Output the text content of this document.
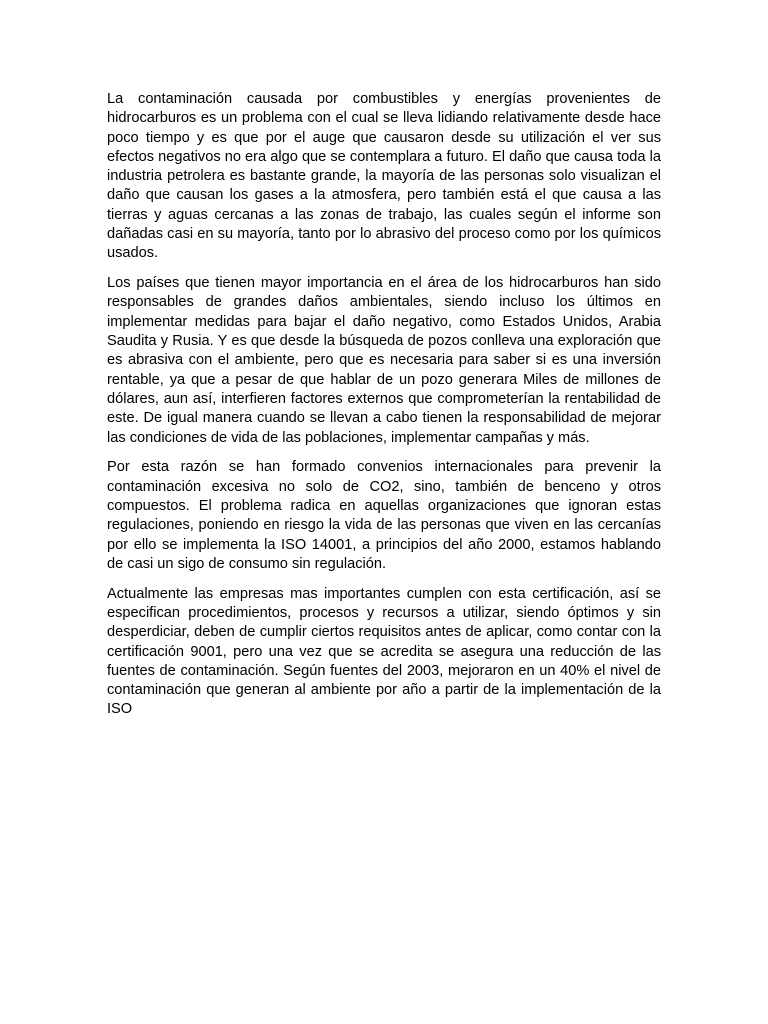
La contaminación causada por combustibles y energías provenientes de hidrocarburos es un problema con el cual se lleva lidiando relativamente desde hace poco tiempo y es que por el auge que causaron desde su utilización el ver sus efectos negativos no era algo que se contemplara a futuro. El daño que causa toda la industria petrolera es bastante grande, la mayoría de las personas solo visualizan el daño que causan los gases a la atmosfera, pero también está el que causa a las tierras y aguas cercanas a las zonas de trabajo, las cuales según el informe son dañadas casi en su mayoría, tanto por lo abrasivo del proceso como por los químicos usados.

Los países que tienen mayor importancia en el área de los hidrocarburos han sido responsables de grandes daños ambientales, siendo incluso los últimos en implementar medidas para bajar el daño negativo, como Estados Unidos, Arabia Saudita y Rusia. Y es que desde la búsqueda de pozos conlleva una exploración que es abrasiva con el ambiente, pero que es necesaria para saber si es una inversión rentable, ya que a pesar de que hablar de un pozo generara Miles de millones de dólares, aun así, interfieren factores externos que comprometerían la rentabilidad de este. De igual manera cuando se llevan a cabo tienen la responsabilidad de mejorar las condiciones de vida de las poblaciones, implementar campañas y más.

Por esta razón se han formado convenios internacionales para prevenir la contaminación excesiva no solo de CO2, sino, también de benceno y otros compuestos. El problema radica en aquellas organizaciones que ignoran estas regulaciones, poniendo en riesgo la vida de las personas que viven en las cercanías por ello se implementa la ISO 14001, a principios del año 2000, estamos hablando de casi un sigo de consumo sin regulación.

Actualmente las empresas mas importantes cumplen con esta certificación, así se especifican procedimientos, procesos y recursos a utilizar, siendo óptimos y sin desperdiciar, deben de cumplir ciertos requisitos antes de aplicar, como contar con la certificación 9001, pero una vez que se acredita se asegura una reducción de las fuentes de contaminación. Según fuentes del 2003, mejoraron en un 40% el nivel de contaminación que generan al ambiente por año a partir de la implementación de la ISO
